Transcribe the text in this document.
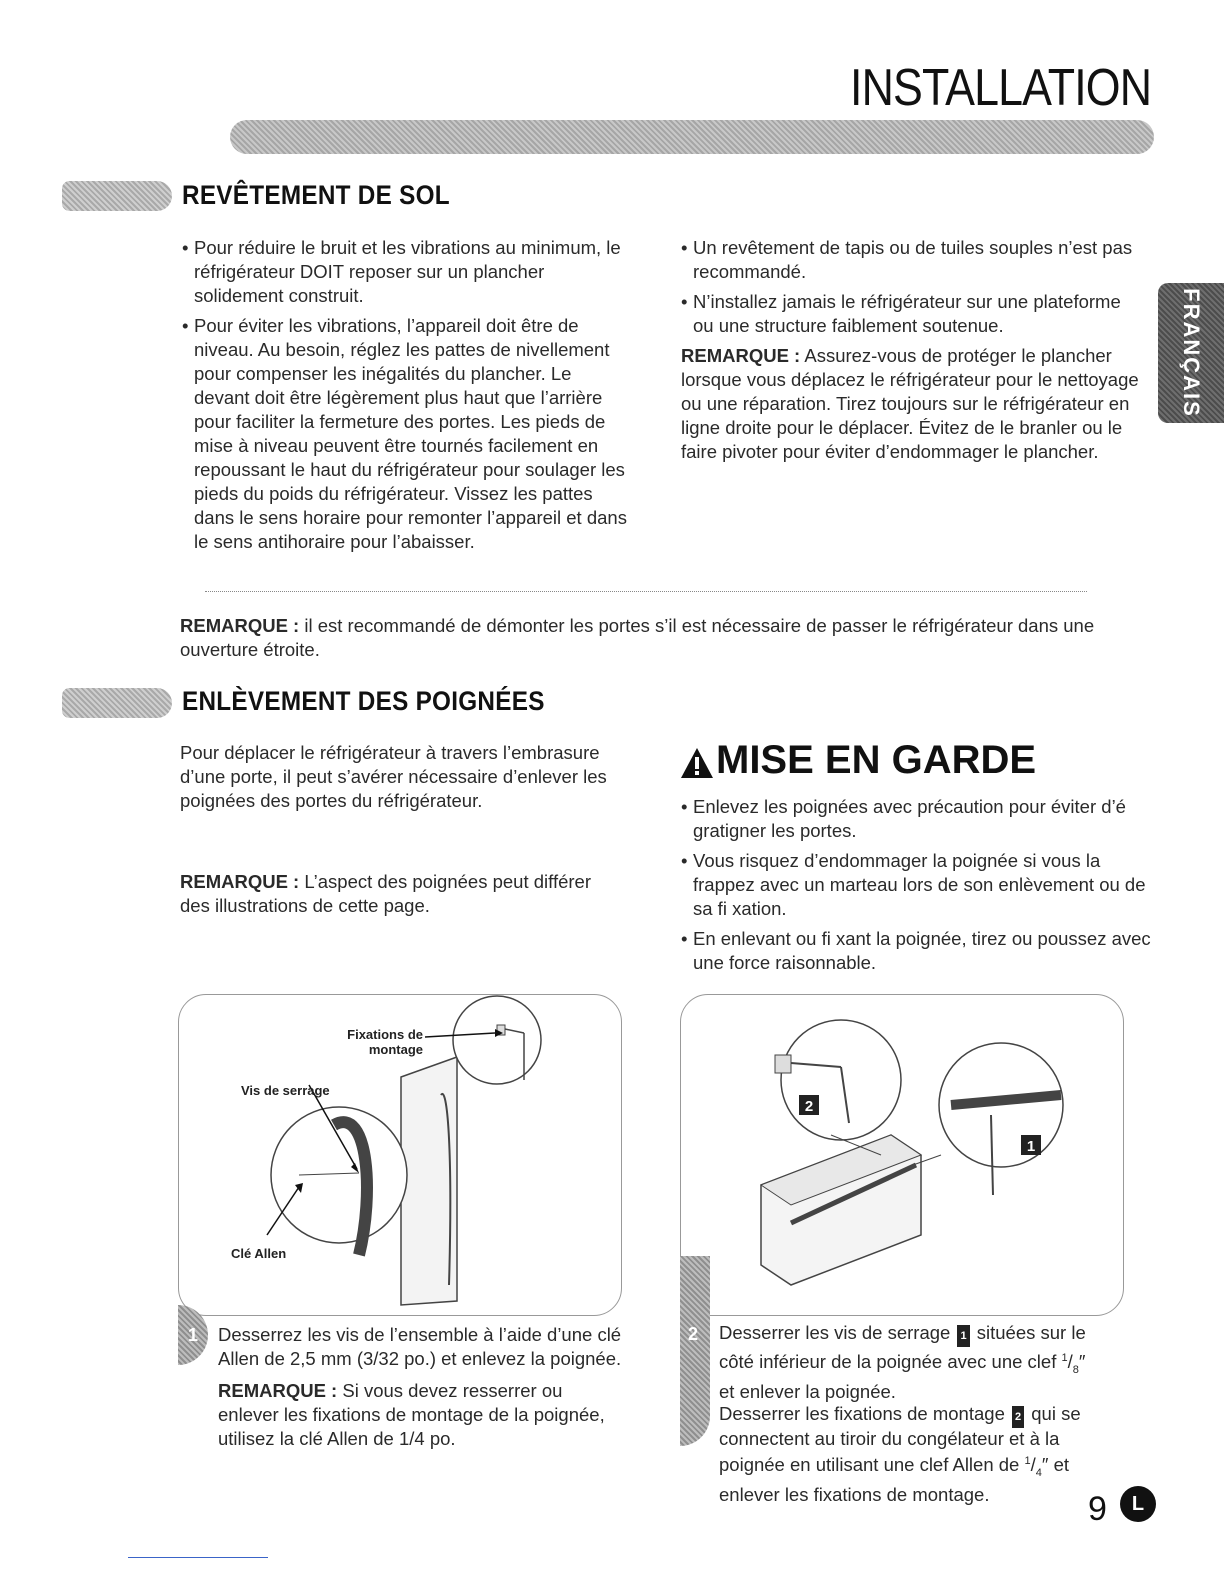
INSTALLATION
FRANÇAIS
REVÊTEMENT DE SOL
• Pour réduire le bruit et les vibrations au minimum, le réfrigérateur DOIT reposer sur un plancher solidement construit.
• Pour éviter les vibrations, l’appareil doit être de niveau. Au besoin, réglez les pattes de nivellement pour compenser les inégalités du plancher. Le devant doit être légèrement plus haut que l’arrière pour faciliter la fermeture des portes. Les pieds de mise à niveau peuvent être tournés facilement en repoussant le haut du réfrigérateur pour soulager les pieds du poids du réfrigérateur. Vissez les pattes dans le sens horaire pour remonter l’appareil et dans le sens antihoraire pour l’abaisser.
• Un revêtement de tapis ou de tuiles souples n’est pas recommandé.
• N’installez jamais le réfrigérateur sur une plateforme ou une structure faiblement soutenue.
REMARQUE : Assurez-vous de protéger le plancher lorsque vous déplacez le réfrigérateur pour le nettoyage ou une réparation. Tirez toujours sur le réfrigérateur en ligne droite pour le déplacer. Évitez de le branler ou le faire pivoter pour éviter d’endommager le plancher.
REMARQUE : il est recommandé de démonter les portes s’il est nécessaire de passer le réfrigérateur dans une ouverture étroite.
ENLÈVEMENT DES POIGNÉES
Pour déplacer le réfrigérateur à travers l’embrasure d’une porte, il peut s’avérer nécessaire d’enlever les poignées des portes du réfrigérateur.
REMARQUE : L’aspect des poignées peut différer des illustrations de cette page.
MISE EN GARDE
• Enlevez les poignées avec précaution pour éviter d’é gratigner les portes.
• Vous risquez d’endommager la poignée si vous la frappez avec un marteau lors de son enlèvement ou de sa fi xation.
• En enlevant ou fi xant la poignée, tirez ou poussez avec une force raisonnable.
Fixations de montage
Vis de serrage
Clé Allen
1	Desserrez les vis de l’ensemble à l’aide d’une clé Allen de 2,5 mm (3/32 po.) et enlevez la poignée.
REMARQUE : Si vous devez resserrer ou enlever les fixations de montage de la poignée, utilisez la clé Allen de 1/4 po.
2
1
2 Desserrer les vis de serrage 1 situées sur le côté inférieur de la poignée avec une clef $^1/_8''$ et enlever la poignée.
Desserrer les fixations de montage 2 qui se connectent au tiroir du congélateur et à la poignée en utilisant une clef Allen de $^1/_4''$ et enlever les fixations de montage.	9	L
